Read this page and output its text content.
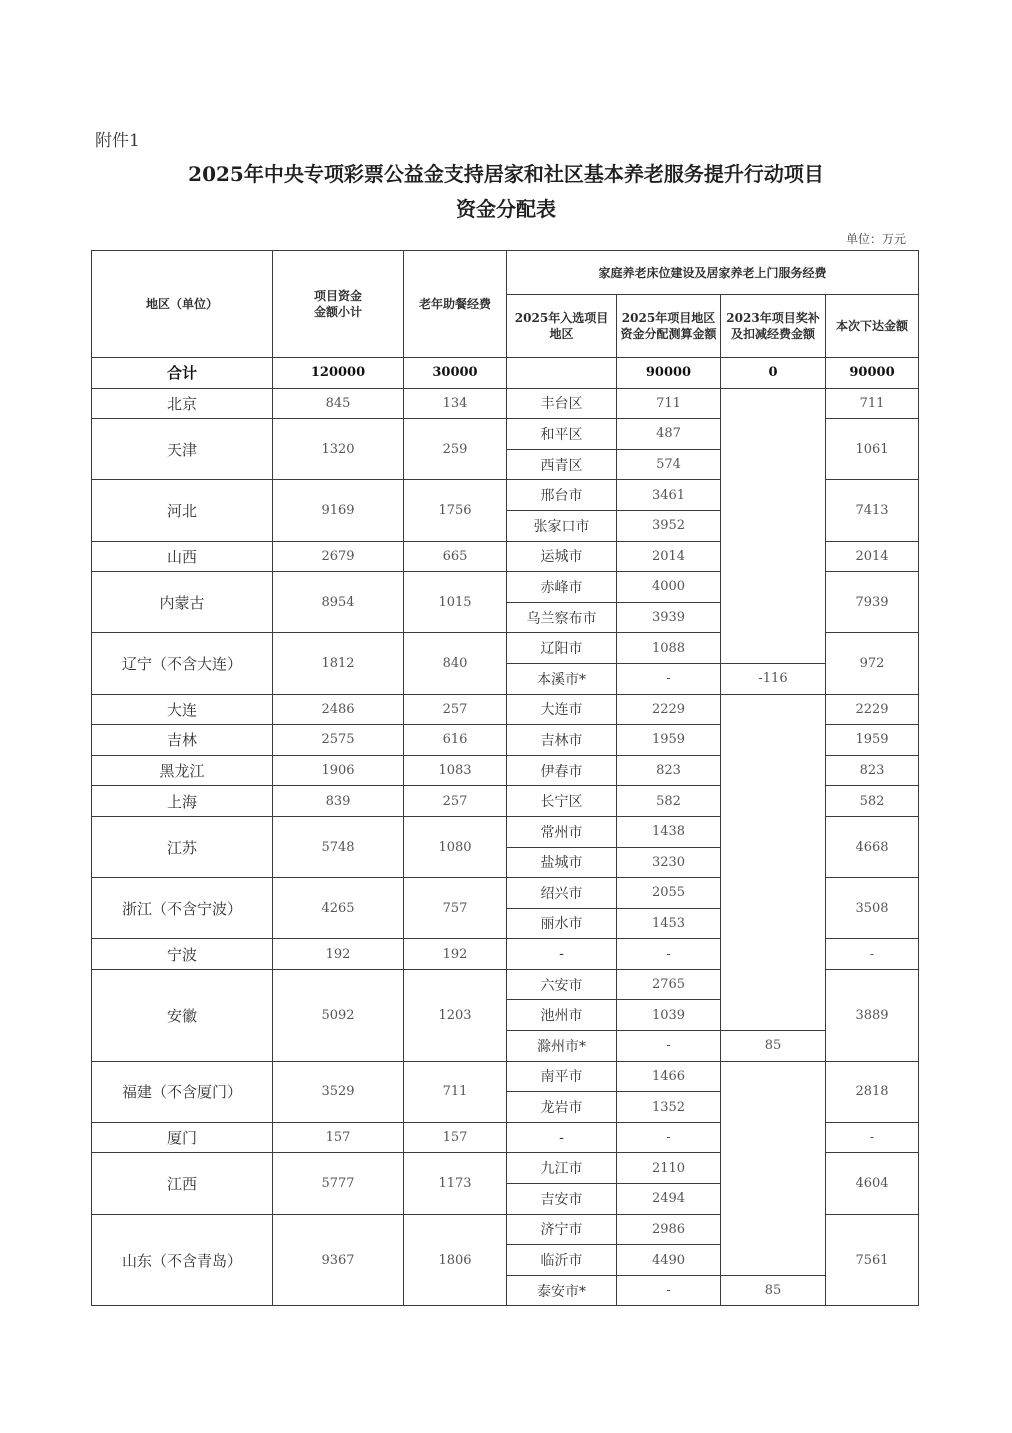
附件1
2025年中央专项彩票公益金支持居家和社区基本养老服务提升行动项目
资金分配表
单位：万元
地区（单位）	项目资金金额小计	老年助餐经费	家庭养老床位建设及居家养老上门服务经费			
			2025年入选项目地区	2025年项目地区资金分配测算金额	2023年项目奖补及扣减经费金额	本次下达金额
合计	120000	30000		90000	0	90000
北京	845	134	丰台区	711		711
天津	1320	259	和平区	487		1061
			西青区	574		
河北	9169	1756	邢台市	3461		7413
			张家口市	3952		
山西	2679	665	运城市	2014		2014
内蒙古	8954	1015	赤峰市	4000		7939
			乌兰察布市	3939		
辽宁（不含大连）	1812	840	辽阳市	1088		972
			本溪市*	-	-116	
大连	2486	257	大连市	2229		2229
吉林	2575	616	吉林市	1959		1959
黑龙江	1906	1083	伊春市	823		823
上海	839	257	长宁区	582		582
江苏	5748	1080	常州市	1438		4668
			盐城市	3230		
浙江（不含宁波）	4265	757	绍兴市	2055		3508
			丽水市	1453		
宁波	192	192	-	-		-
安徽	5092	1203	六安市	2765		3889
			池州市	1039		
			滁州市*	-	85	
福建（不含厦门）	3529	711	南平市	1466		2818
			龙岩市	1352		
厦门	157	157	-	-		-
江西	5777	1173	九江市	2110		4604
			吉安市	2494		
山东（不含青岛）	9367	1806	济宁市	2986		7561
			临沂市	4490		
			泰安市*	-	85	
